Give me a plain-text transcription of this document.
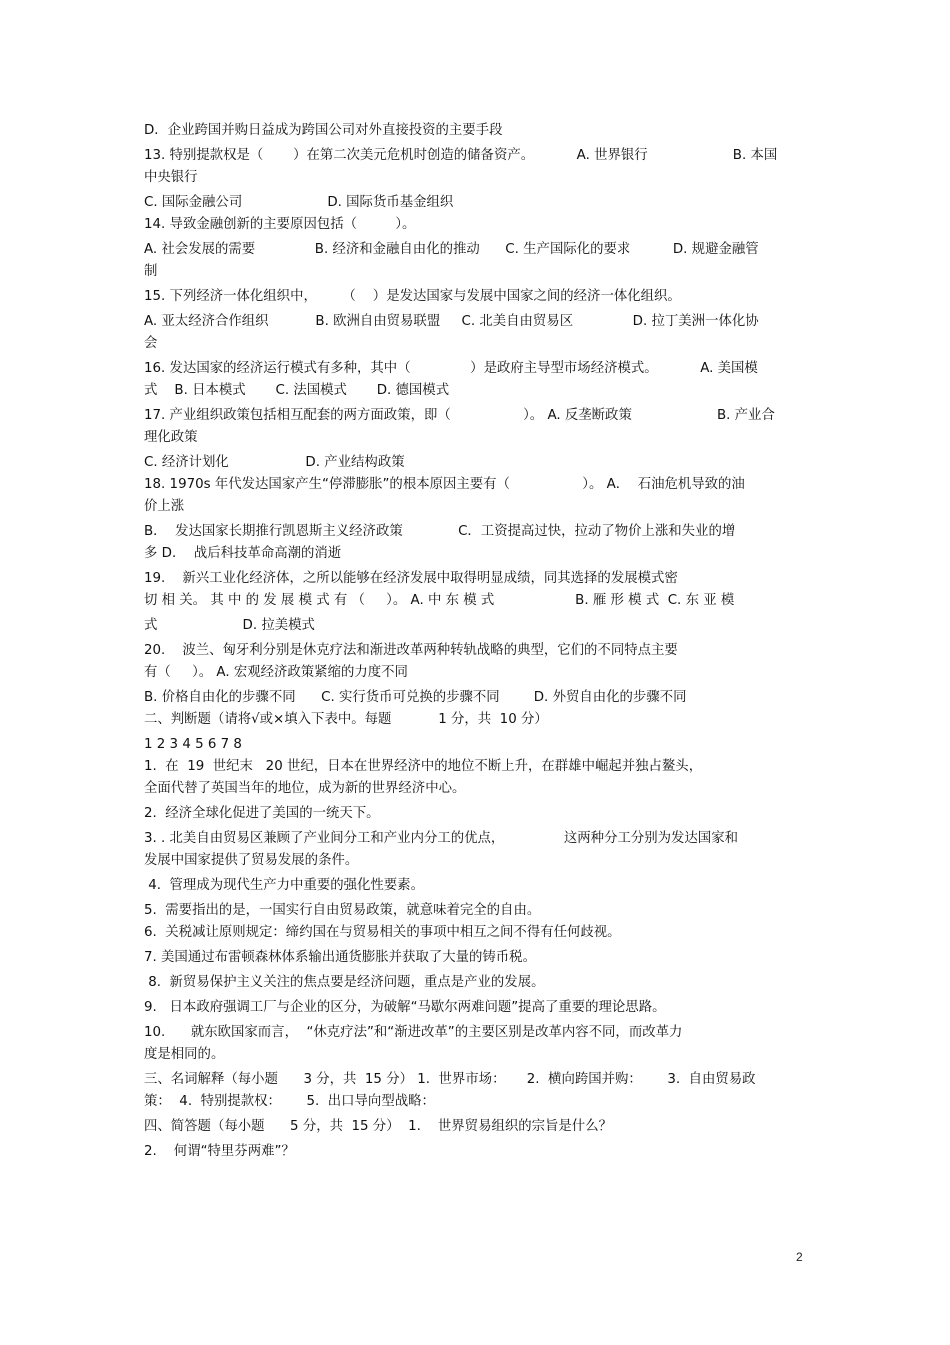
D．企业跨国并购日益成为跨国公司对外直接投资的主要手段
13. 特别提款权是（       ）在第二次美元危机时创造的储备资产。          A. 世界银行                    B. 本国
中央银行
C. 国际金融公司                    D. 国际货币基金组织
14. 导致金融创新的主要原因包括（         ）。
A. 社会发展的需要              B. 经济和金融自由化的推动      C. 生产国际化的要求          D. 规避金融管
制
15. 下列经济一体化组织中，      （    ）是发达国家与发展中国家之间的经济一体化组织。
A. 亚太经济合作组织           B. 欧洲自由贸易联盟     C. 北美自由贸易区              D. 拉丁美洲一体化协
会
16. 发达国家的经济运行模式有多种，其中（              ）是政府主导型市场经济模式。          A. 美国模
式    B. 日本模式       C. 法国模式       D. 德国模式
17. 产业组织政策包括相互配套的两方面政策，即（                 ）。 A. 反垄断政策                    B. 产业合
理化政策
C. 经济计划化                  D. 产业结构政策
18. 1970s 年代发达国家产生“停滞膨胀”的根本原因主要有（                 ）。 A．  石油危机导致的油
价上涨
B．  发达国家长期推行凯恩斯主义经济政策             C．工资提高过快，拉动了物价上涨和失业的增
多 D．  战后科技革命高潮的消逝
19.    新兴工业化经济体，之所以能够在经济发展中取得明显成绩，同其选择的发展模式密
切 相 关。 其 中 的 发 展 模 式 有 （     ）。 A. 中 东 模 式                   B. 雁 形 模 式  C. 东 亚 模
式                    D. 拉美模式
20.    波兰、匈牙利分别是休克疗法和渐进改革两种转轨战略的典型，它们的不同特点主要
有（     ）。 A. 宏观经济政策紧缩的力度不同
B. 价格自由化的步骤不同      C. 实行货币可兑换的步骤不同        D. 外贸自由化的步骤不同
二、判断题（请将√或×填入下表中。每题           1 分，共  10 分）
1 2 3 4 5 6 7 8
1.  在  19  世纪末   20 世纪，日本在世界经济中的地位不断上升，在群雄中崛起并独占鳌头，
全面代替了英国当年的地位，成为新的世界经济中心。
2.  经济全球化促进了美国的一统天下。
3. . 北美自由贸易区兼顾了产业间分工和产业内分工的优点，              这两种分工分别为发达国家和
发展中国家提供了贸易发展的条件。
4.  管理成为现代生产力中重要的强化性要素。
5.  需要指出的是，一国实行自由贸易政策，就意味着完全的自由。
6.  关税减让原则规定：缔约国在与贸易相关的事项中相互之间不得有任何歧视。
7. 美国通过布雷顿森林体系输出通货膨胀并获取了大量的铸币税。
8.  新贸易保护主义关注的焦点要是经济问题，重点是产业的发展。
9.   日本政府强调工厂与企业的区分，为破解“马歇尔两难问题”提高了重要的理论思路。
10.      就东欧国家而言，  “休克疗法”和“渐进改革”的主要区别是改革内容不同，而改革力
度是相同的。
三、名词解释（每小题      3 分，共  15 分） 1.  世界市场：     2.  横向跨国并购：      3.  自由贸易政
策：  4.  特别提款权：      5.  出口导向型战略：
四、简答题（每小题      5 分，共  15 分）  1.    世界贸易组织的宗旨是什么？
2.    何谓“特里芬两难”？
2
